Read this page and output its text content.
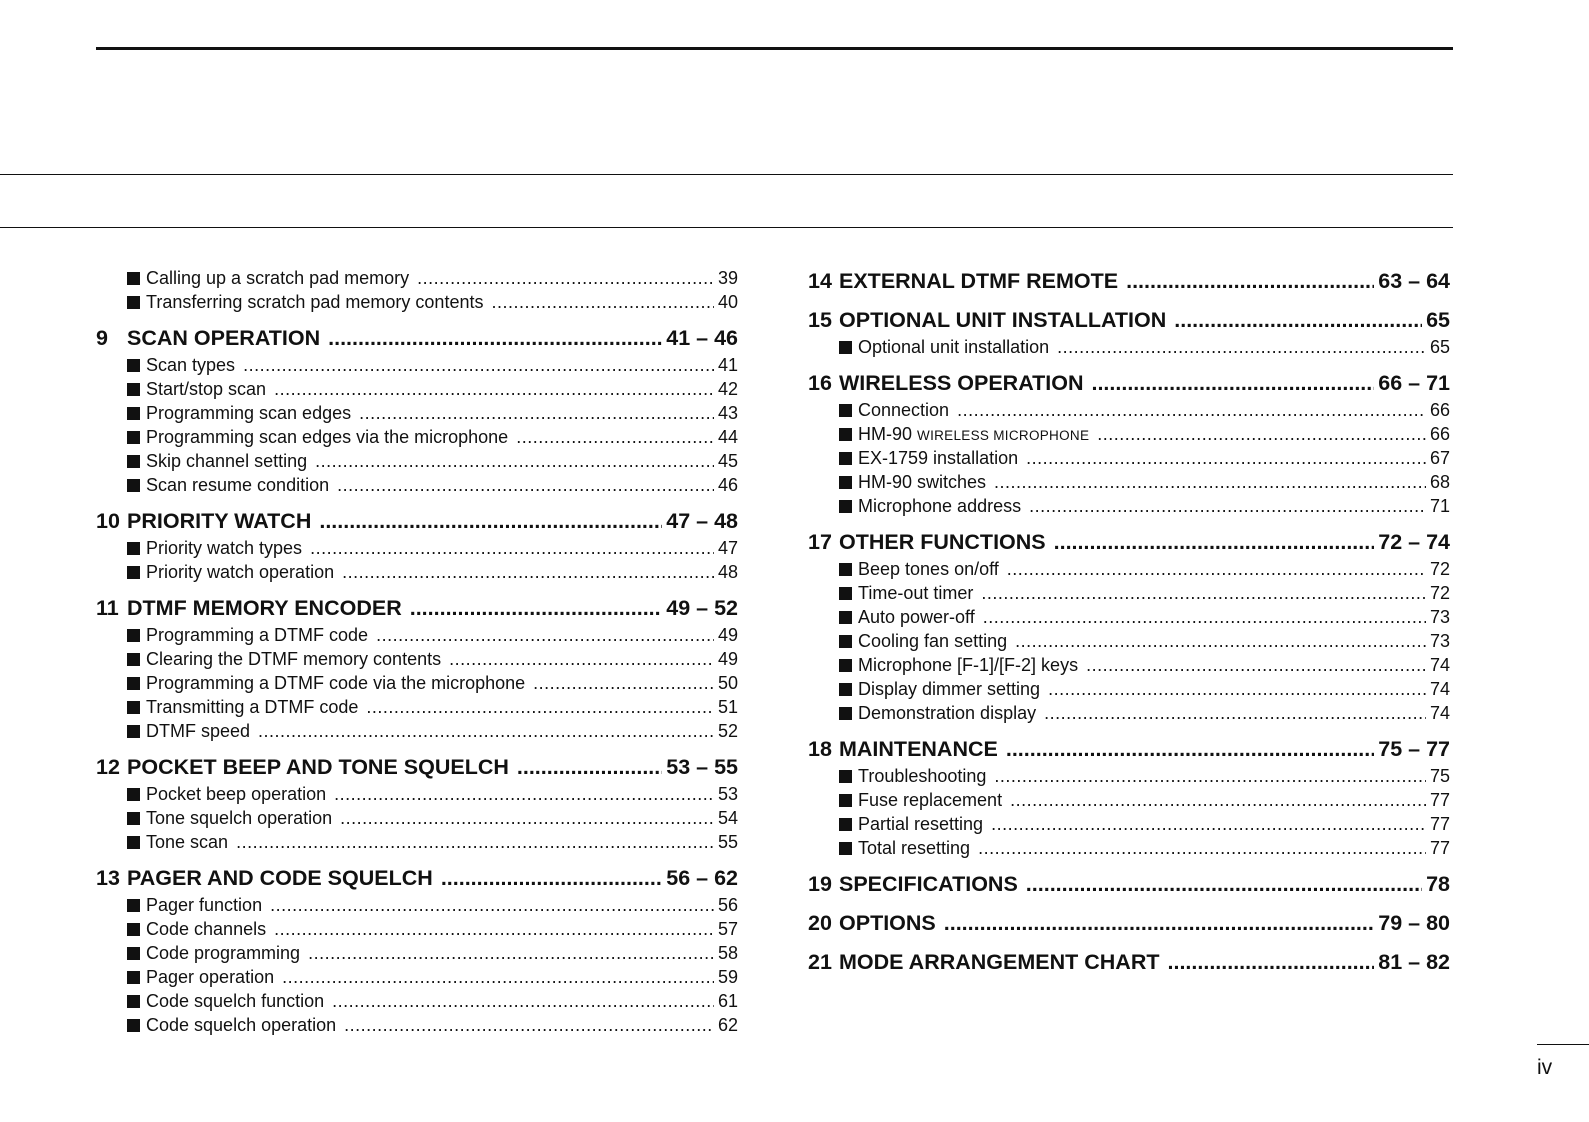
Calling up a scratch pad memory .....	39
Transferring scratch pad memory contents .....	40
9 SCAN OPERATION .....	41 – 46
Scan types .....	41
Start/stop scan .....	42
Programming scan edges .....	43
Programming scan edges via the microphone .....	44
Skip channel setting .....	45
Scan resume condition .....	46
10 PRIORITY WATCH .....	47 – 48
Priority watch types .....	47
Priority watch operation .....	48
11 DTMF MEMORY ENCODER .....	49 – 52
Programming a DTMF code .....	49
Clearing the DTMF memory contents .....	49
Programming a DTMF code via the microphone .....	50
Transmitting a DTMF code .....	51
DTMF speed .....	52
12 POCKET BEEP AND TONE SQUELCH .....	53 – 55
Pocket beep operation .....	53
Tone squelch operation .....	54
Tone scan .....	55
13 PAGER AND CODE SQUELCH .....	56 – 62
Pager function .....	56
Code channels .....	57
Code programming .....	58
Pager operation .....	59
Code squelch function .....	61
Code squelch operation .....	62
14 EXTERNAL DTMF REMOTE .....	63 – 64
15 OPTIONAL UNIT INSTALLATION .....	65
Optional unit installation .....	65
16 WIRELESS OPERATION .....	66 – 71
Connection .....	66
HM-90 WIRELESS MICROPHONE .....	66
EX-1759 installation .....	67
HM-90 switches .....	68
Microphone address .....	71
17 OTHER FUNCTIONS .....	72 – 74
Beep tones on/off .....	72
Time-out timer .....	72
Auto power-off .....	73
Cooling fan setting .....	73
Microphone [F-1]/[F-2] keys .....	74
Display dimmer setting .....	74
Demonstration display .....	74
18 MAINTENANCE .....	75 – 77
Troubleshooting .....	75
Fuse replacement .....	77
Partial resetting .....	77
Total resetting .....	77
19 SPECIFICATIONS .....	78
20 OPTIONS .....	79 – 80
21 MODE ARRANGEMENT CHART .....	81 – 82
iv
